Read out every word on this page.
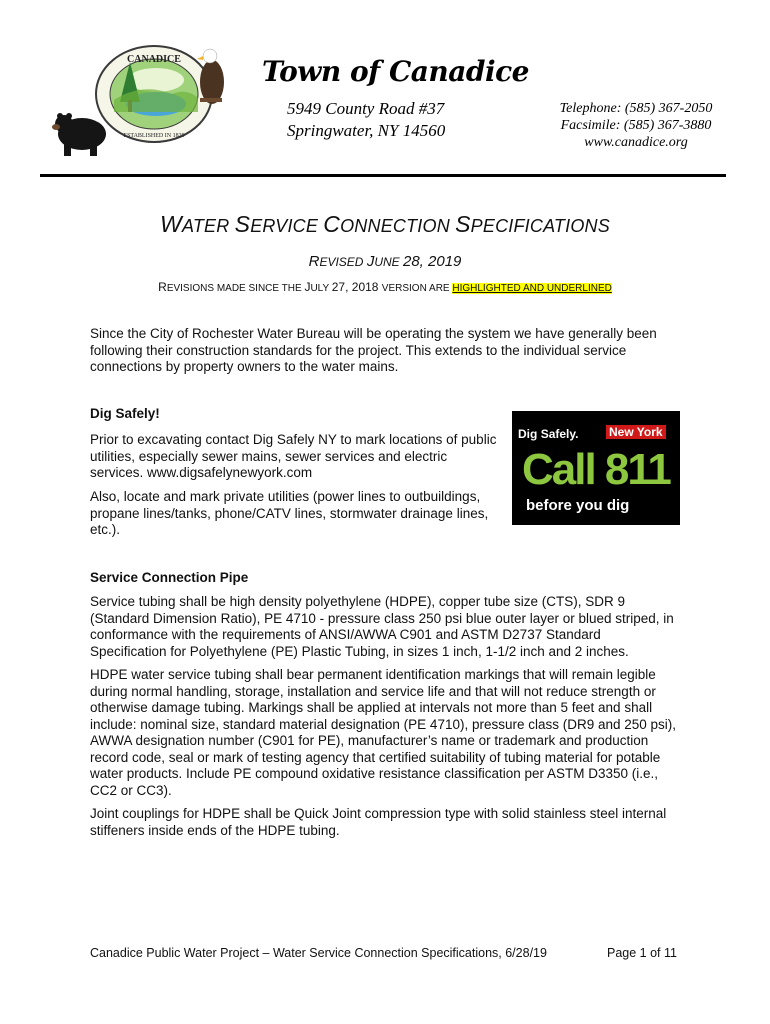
CANADICE
ESTABLISHED IN 1829
Town of Canadice
5949 County Road #37
Springwater, NY 14560
Telephone: (585) 367-2050
Facsimile: (585) 367-3880
www.canadice.org
WATER SERVICE CONNECTION SPECIFICATIONS
REVISED JUNE 28, 2019
REVISIONS MADE SINCE THE JULY 27, 2018 VERSION ARE HIGHLIGHTED AND UNDERLINED
Since the City of Rochester Water Bureau will be operating the system we have generally been following their construction standards for the project. This extends to the individual service connections by property owners to the water mains.
Dig Safely!
Prior to excavating contact Dig Safely NY to mark locations of public utilities, especially sewer mains, sewer services and electric services. www.digsafelynewyork.com
Also, locate and mark private utilities (power lines to outbuildings, propane lines/tanks, phone/CATV lines, stormwater drainage lines, etc.).
Dig Safely.	New York
Call 811
before you dig
Service Connection Pipe
Service tubing shall be high density polyethylene (HDPE), copper tube size (CTS), SDR 9 (Standard Dimension Ratio), PE 4710 - pressure class 250 psi blue outer layer or blued striped, in conformance with the requirements of ANSI/AWWA C901 and ASTM D2737 Standard Specification for Polyethylene (PE) Plastic Tubing, in sizes 1 inch, 1-1/2 inch and 2 inches.
HDPE water service tubing shall bear permanent identification markings that will remain legible during normal handling, storage, installation and service life and that will not reduce strength or otherwise damage tubing. Markings shall be applied at intervals not more than 5 feet and shall include: nominal size, standard material designation (PE 4710), pressure class (DR9 and 250 psi), AWWA designation number (C901 for PE), manufacturer’s name or trademark and production record code, seal or mark of testing agency that certified suitability of tubing material for potable water products. Include PE compound oxidative resistance classification per ASTM D3350 (i.e., CC2 or CC3).
Joint couplings for HDPE shall be Quick Joint compression type with solid stainless steel internal stiffeners inside ends of the HDPE tubing.
Canadice Public Water Project – Water Service Connection Specifications, 6/28/19	Page 1 of 11
